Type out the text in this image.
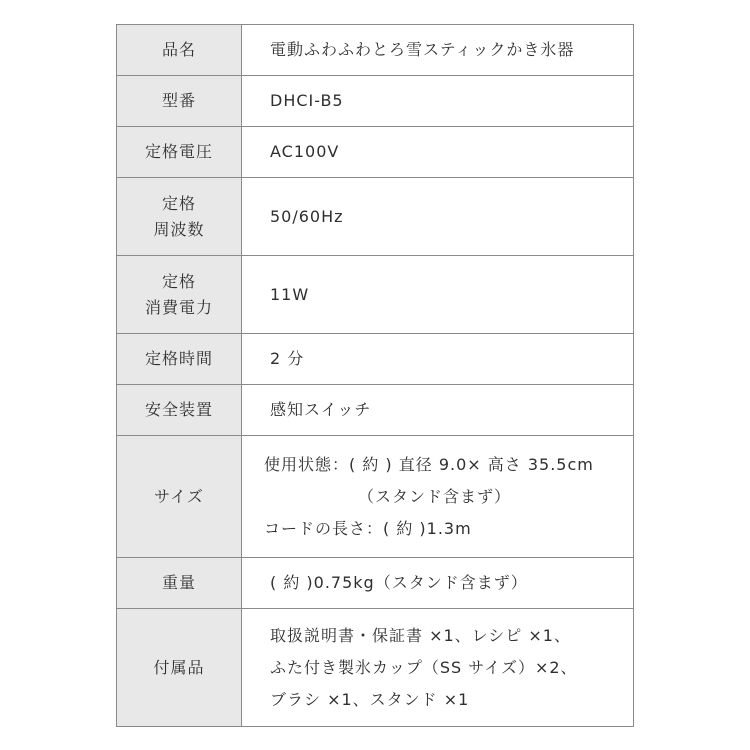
品名	電動ふわふわとろ雪スティックかき氷器

型番	DHCI-B5

定格電圧	AC100V

定格
周波数	50/60Hz

定格
消費電力	11W

定格時間	2 分

安全装置	感知スイッチ

サイズ	使用状態：( 約 ) 直径 9.0× 高さ 35.5cm
（スタンド含まず）
コードの長さ：( 約 )1.3m

重量	( 約 )0.75kg（スタンド含まず）

付属品	取扱説明書・保証書 ×1、レシピ ×1、
ふた付き製氷カップ（SS サイズ）×2、
ブラシ ×1、スタンド ×1
